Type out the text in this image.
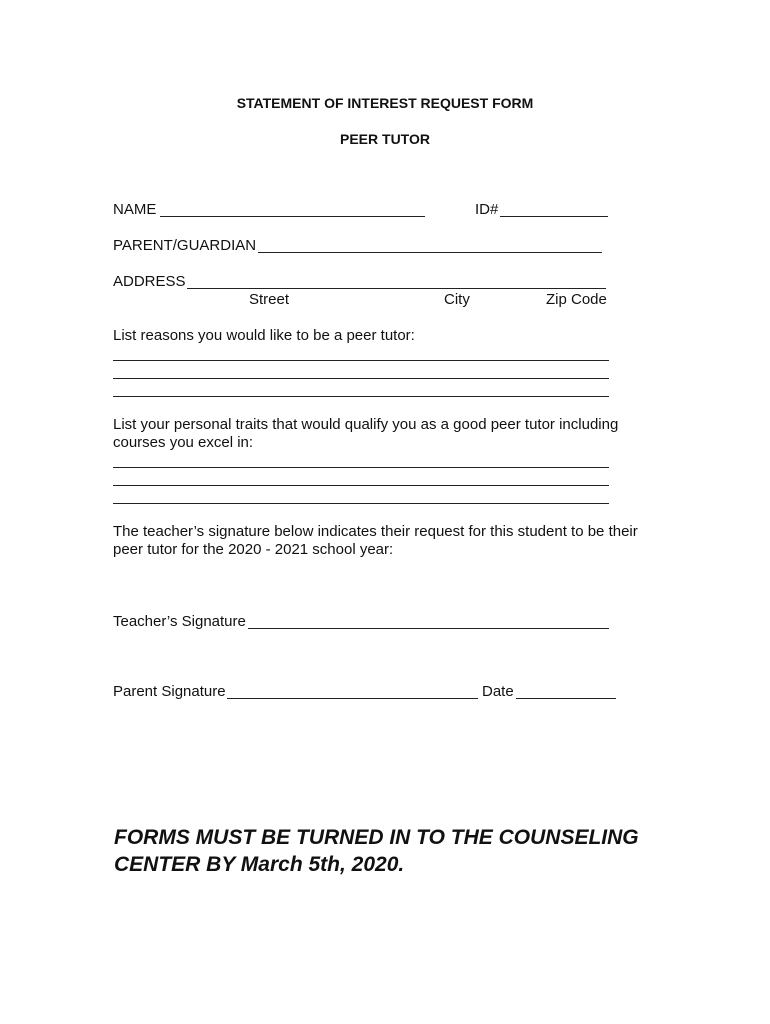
STATEMENT OF INTEREST REQUEST FORM
PEER TUTOR
NAME	ID#
PARENT/GUARDIAN
ADDRESS
Street	City	Zip Code
List reasons you would like to be a peer tutor:
List your personal traits that would qualify you as a good peer tutor including
courses you excel in:
The teacher’s signature below indicates their request for this student to be their
peer tutor for the 2020 - 2021 school year:
Teacher’s Signature
Parent Signature	Date
FORMS MUST BE TURNED IN TO THE COUNSELING
CENTER BY March 5th, 2020.
